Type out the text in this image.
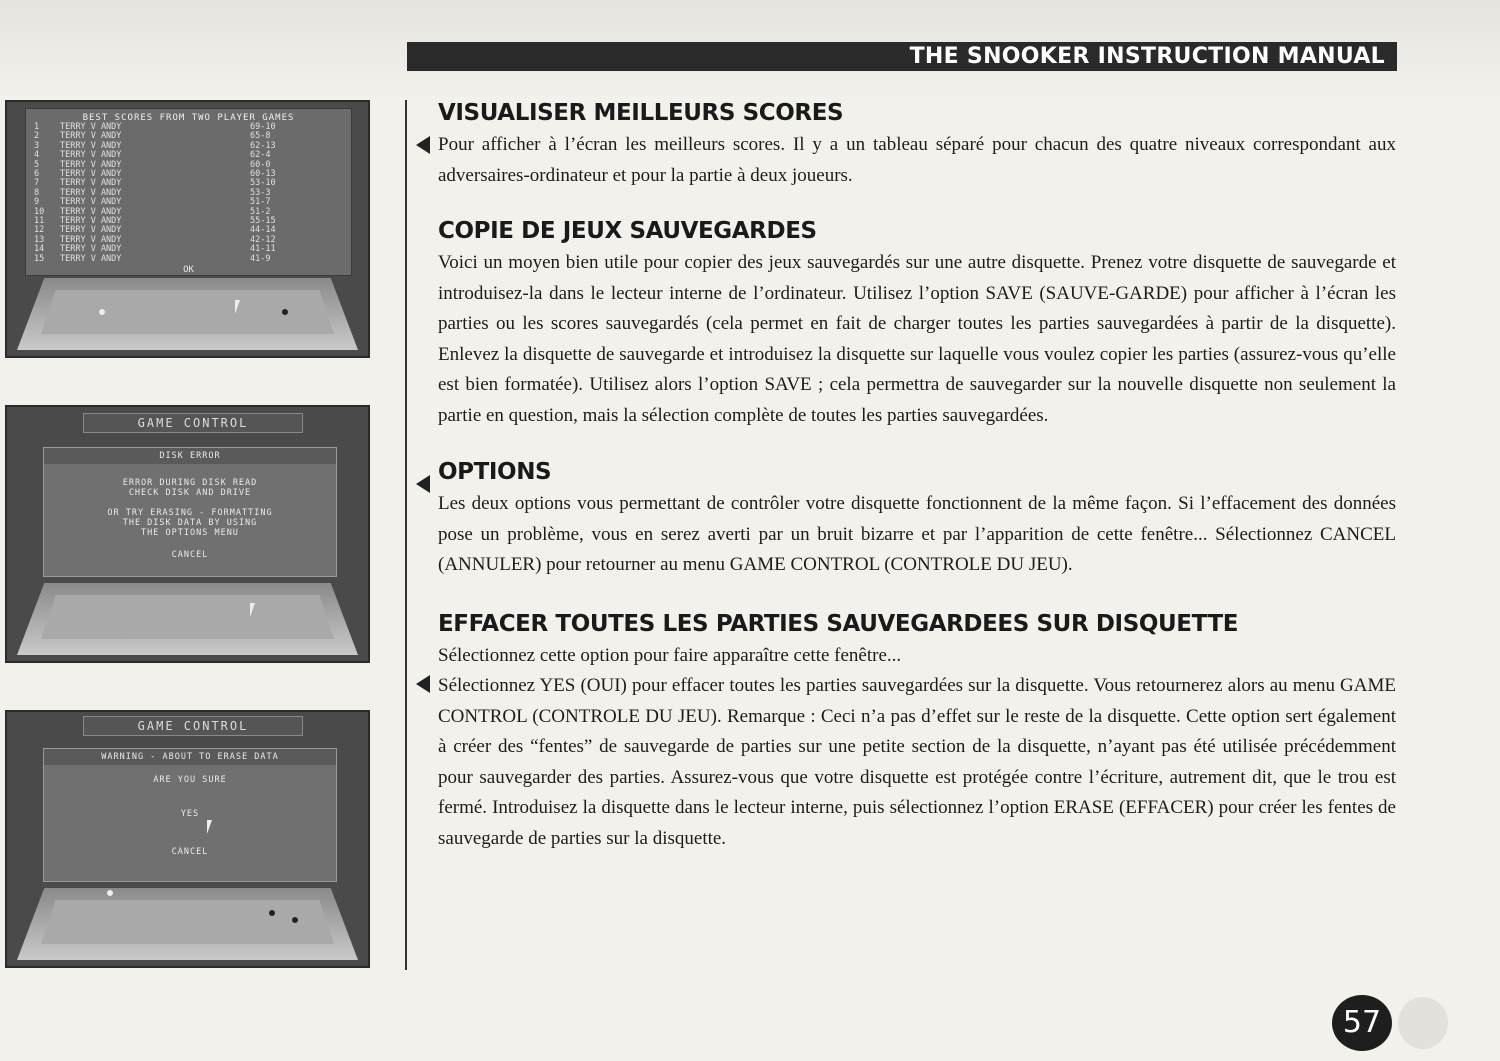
THE SNOOKER INSTRUCTION MANUAL
BEST SCORES FROM TWO PLAYER GAMES
1	TERRY V ANDY	69-10
2	TERRY V ANDY	65-8
3	TERRY V ANDY	62-13
4	TERRY V ANDY	62-4
5	TERRY V ANDY	60-0
6	TERRY V ANDY	60-13
7	TERRY V ANDY	53-10
8	TERRY V ANDY	53-3
9	TERRY V ANDY	51-7
10	TERRY V ANDY	51-2
11	TERRY V ANDY	55-15
12	TERRY V ANDY	44-14
13	TERRY V ANDY	42-12
14	TERRY V ANDY	41-11
15	TERRY V ANDY	41-9
OK
GAME CONTROL
DISK ERROR
ERROR DURING DISK READ
CHECK DISK AND DRIVE
OR TRY ERASING - FORMATTING
THE DISK DATA BY USING
THE OPTIONS MENU
CANCEL
GAME CONTROL
WARNING - ABOUT TO ERASE DATA
ARE YOU SURE
YES
CANCEL
VISUALISER MEILLEURS SCORES

Pour afficher à l’écran les meilleurs scores. Il y a un tableau séparé pour chacun des quatre niveaux correspondant aux adversaires-ordinateur et pour la partie à deux joueurs.

COPIE DE JEUX SAUVEGARDES

Voici un moyen bien utile pour copier des jeux sauvegardés sur une autre disquette. Prenez votre disquette de sauvegarde et introduisez-la dans le lecteur interne de l’ordinateur. Utilisez l’option SAVE (SAUVE-GARDE) pour afficher à l’écran les parties ou les scores sauvegardés (cela permet en fait de charger toutes les parties sauvegardées à partir de la disquette). Enlevez la disquette de sauvegarde et introduisez la disquette sur laquelle vous voulez copier les parties (assurez-vous qu’elle est bien formatée). Utilisez alors l’option SAVE ; cela permettra de sauvegarder sur la nouvelle disquette non seulement la partie en question, mais la sélection complète de toutes les parties sauvegardées.

OPTIONS

Les deux options vous permettant de contrôler votre disquette fonctionnent de la même façon. Si l’effacement des données pose un problème, vous en serez averti par un bruit bizarre et par l’apparition de cette fenêtre... Sélectionnez CANCEL (ANNULER) pour retourner au menu GAME CONTROL (CONTROLE DU JEU).

EFFACER TOUTES LES PARTIES SAUVEGARDEES SUR DISQUETTE

Sélectionnez cette option pour faire apparaître cette fenêtre...

Sélectionnez YES (OUI) pour effacer toutes les parties sauvegardées sur la disquette. Vous retournerez alors au menu GAME CONTROL (CONTROLE DU JEU). Remarque : Ceci n’a pas d’effet sur le reste de la disquette. Cette option sert également à créer des “fentes” de sauvegarde de parties sur une petite section de la disquette, n’ayant pas été utilisée précédemment pour sauvegarder des parties. Assurez-vous que votre disquette est protégée contre l’écriture, autrement dit, que le trou est fermé. Introduisez la disquette dans le lecteur interne, puis sélectionnez l’option ERASE (EFFACER) pour créer les fentes de sauvegarde de parties sur la disquette.

57
